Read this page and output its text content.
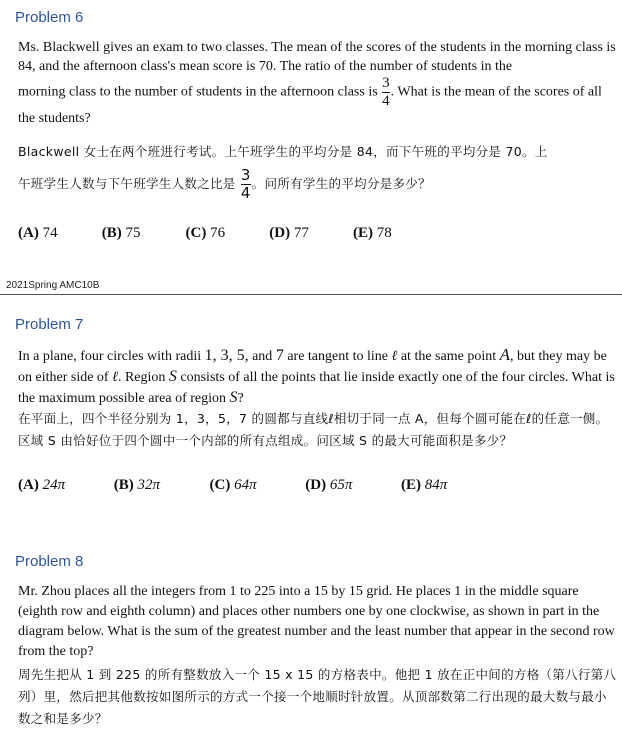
Problem 6
Ms. Blackwell gives an exam to two classes. The mean of the scores of the students in the morning class is 84, and the afternoon class's mean score is 70. The ratio of the number of students in the
morning class to the number of students in the afternoon class is $\frac{3}{4}$ . What is the mean of the scores of all the students?
Blackwell 女士在两个班进行考试。上午班学生的平均分是 84，而下午班的平均分是 70。上
午班学生人数与下午班学生人数之比是 $\frac{3}{4}$ 。问所有学生的平均分是多少？
(A) 74	(B) 75	(C) 76	(D) 77	(E) 78
2021Spring AMC10B
Problem 7
In a plane, four circles with radii 1, 3, 5, and 7 are tangent to line ℓ at the same point A, but they may be on either side of ℓ. Region S consists of all the points that lie inside exactly one of the four circles. What is the maximum possible area of region S?
在平面上，四个半径分别为 1，3，5，7 的圆都与直线ℓ相切于同一点 A，但每个圆可能在ℓ的任意一侧。区域 S 由恰好位于四个圆中一个内部的所有点组成。问区域 S 的最大可能面积是多少？
(A) 24π	(B) 32π	(C) 64π	(D) 65π	(E) 84π
Problem 8
Mr. Zhou places all the integers from 1 to 225 into a 15 by 15 grid. He places 1 in the middle square (eighth row and eighth column) and places other numbers one by one clockwise, as shown in part in the diagram below. What is the sum of the greatest number and the least number that appear in the second row from the top?
周先生把从 1 到 225 的所有整数放入一个 15 x 15 的方格表中。他把 1 放在正中间的方格（第八行第八列）里，然后把其他数按如图所示的方式一个接一个地顺时针放置。从顶部数第二行出现的最大数与最小数之和是多少？
